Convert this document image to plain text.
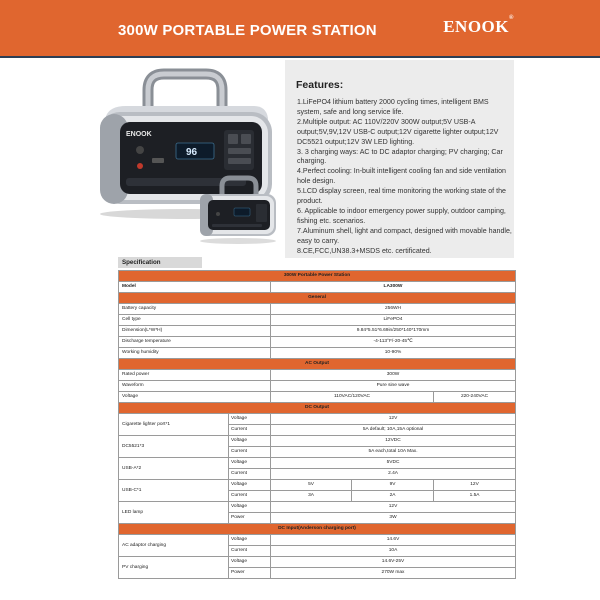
300W PORTABLE POWER STATION	ENOOK®
ENOOK
96
Features:

1.LiFePO4 lithium battery 2000 cycling times, intelligent BMS system, safe and long service life.

2.Multiple output: AC 110V/220V 300W output;5V USB-A output;5V,9V,12V USB-C output;12V cigarette lighter output;12V DC5521 output;12V 3W LED lighting.

3. 3 charging ways: AC to DC adaptor charging; PV charging; Car charging.

4.Perfect cooling: In-built intelligent cooling fan and side ventilation hole design.

5.LCD display screen, real time monitoring the working state of the product.

6. Applicable to indoor emergency power supply, outdoor camping, fishing etc. scenarios.

7.Aluminum shell, light and compact, designed with movable handle, easy to carry.

8.CE,FCC,UN38.3+MSDS etc. certificated.

Specification
300W Portable Power Station				
Model		LA300W		
General				
Battery capacity		256WH		
Cell type		LiFePO4		
Dimension(L*W*H)		9.84*5.51*6.69in/250*140*170mm		
Discharge temperature		-4-113°F/-20-45℃		
Working humidity		10-90%		
AC Output				
Rated power		300W		
Waveform		Pure sine wave		
Voltage		110VAC/120VAC		220-240VAC
DC Output				
Cigarette lighter port*1	Voltage	12V		
	Current	5A default; 10A,15A optional		
DC5521*3	Voltage	12VDC		
	Current	5A each,total 10A Max.		
USB-A*2	Voltage	5VDC		
	Current	2.4A		
USB-C*1	Voltage	5V	9V	12V
	Current	3A	2A	1.5A
LED lamp	Voltage	12V		
	Power	3W		
DC Input(Anderson charging port)				
AC adaptor charging	Voltage	14.6V		
	Current	10A		
PV charging	Voltage	14.6V-25V		
	Power	270W max		
